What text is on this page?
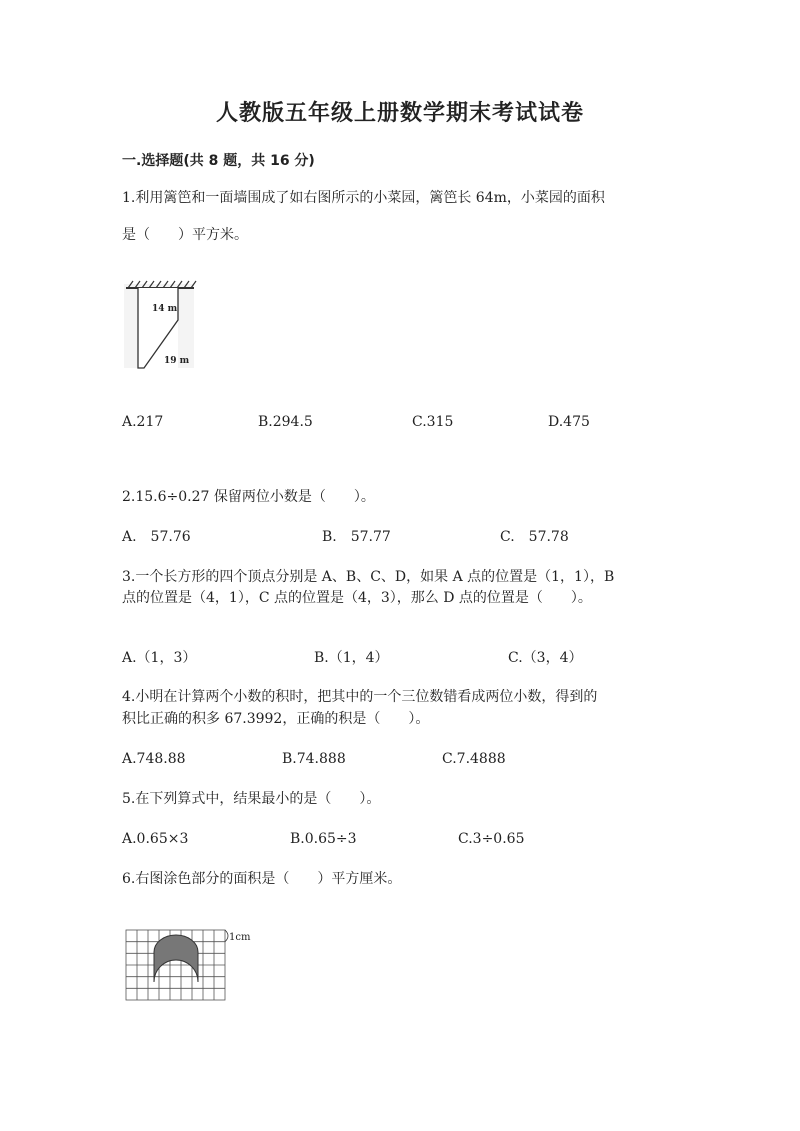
人教版五年级上册数学期末考试试卷
一.选择题(共 8 题，共 16 分)
1.利用篱笆和一面墙围成了如右图所示的小菜园，篱笆长 64m，小菜园的面积
是（　　）平方米。
14 m
19 m
A.217	B.294.5	C.315	D.475
2.15.6÷0.27 保留两位小数是（　　）。
A.　57.76	B.　57.77	C.　57.78
3.一个长方形的四个顶点分别是 A、B、C、D，如果 A 点的位置是（1，1），B
点的位置是（4，1），C 点的位置是（4，3），那么 D 点的位置是（　　）。
A.（1，3）	B.（1，4）	C.（3，4）
4.小明在计算两个小数的积时，把其中的一个三位数错看成两位小数，得到的
积比正确的积多 67.3992，正确的积是（　　）。
A.748.88	B.74.888	C.7.4888
5.在下列算式中，结果最小的是（　　）。
A.0.65×3	B.0.65÷3	C.3÷0.65
6.右图涂色部分的面积是（　　）平方厘米。
1cm
